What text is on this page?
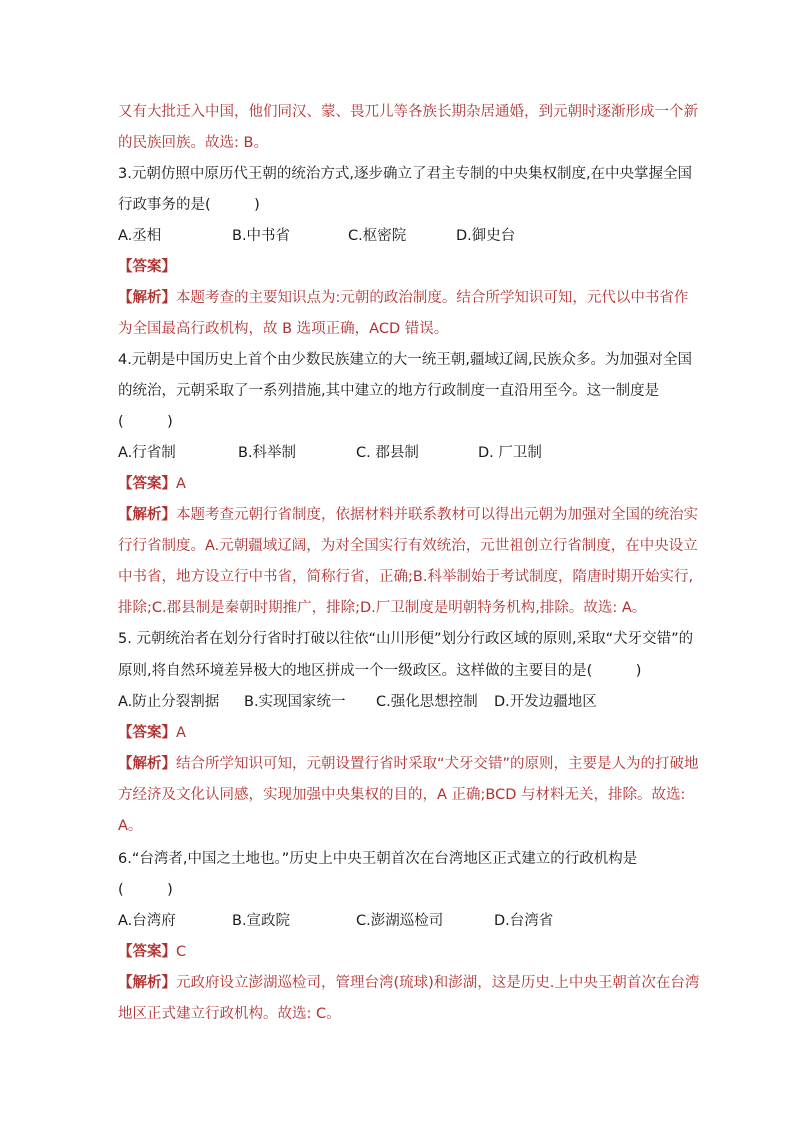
又有大批迁入中国，他们同汉、蒙、畏兀儿等各族长期杂居通婚，到元朝时逐渐形成一个新
的民族回族。故选: B。
3.元朝仿照中原历代王朝的统治方式,逐步确立了君主专制的中央集权制度,在中央掌握全国
行政事务的是(　　　)
A.丞相	B.中书省	C.枢密院	D.御史台
【答案】
【解析】本题考查的主要知识点为:元朝的政治制度。结合所学知识可知，元代以中书省作
为全国最高行政机构，故 B 选项正确，ACD 错误。
4.元朝是中国历史上首个由少数民族建立的大一统王朝,疆域辽阔,民族众多。为加强对全国
的统治，元朝采取了一系列措施,其中建立的地方行政制度一直沿用至今。这一制度是
(　　　)
A.行省制	B.科举制	C. 郡县制	D. 厂卫制
【答案】A
【解析】本题考查元朝行省制度，依据材料并联系教材可以得出元朝为加强对全国的统治实
行行省制度。A.元朝疆域辽阔，为对全国实行有效统治，元世祖创立行省制度，在中央设立
中书省，地方设立行中书省，简称行省，正确;B.科举制始于考试制度，隋唐时期开始实行,
排除;C.郡县制是秦朝时期推广，排除;D.厂卫制度是明朝特务机构,排除。故选: A。
5. 元朝统治者在划分行省时打破以往依“山川形便”划分行政区域的原则,采取“犬牙交错”的
原则,将自然环境差异极大的地区拼成一个一级政区。这样做的主要目的是(　　　)
A.防止分裂割据 B.实现国家统一 C.强化思想控制 D.开发边疆地区
【答案】A
【解析】结合所学知识可知，元朝设置行省时采取“犬牙交错”的原则，主要是人为的打破地
方经济及文化认同感，实现加强中央集权的目的，A 正确;BCD 与材料无关，排除。故选:
A。
6.“台湾者,中国之土地也。”历史上中央王朝首次在台湾地区正式建立的行政机构是
(　　　)
A.台湾府	B.宣政院	C.澎湖巡检司	D.台湾省
【答案】C
【解析】元政府设立澎湖巡检司，管理台湾(琉球)和澎湖，这是历史.上中央王朝首次在台湾
地区正式建立行政机构。故选: C。
